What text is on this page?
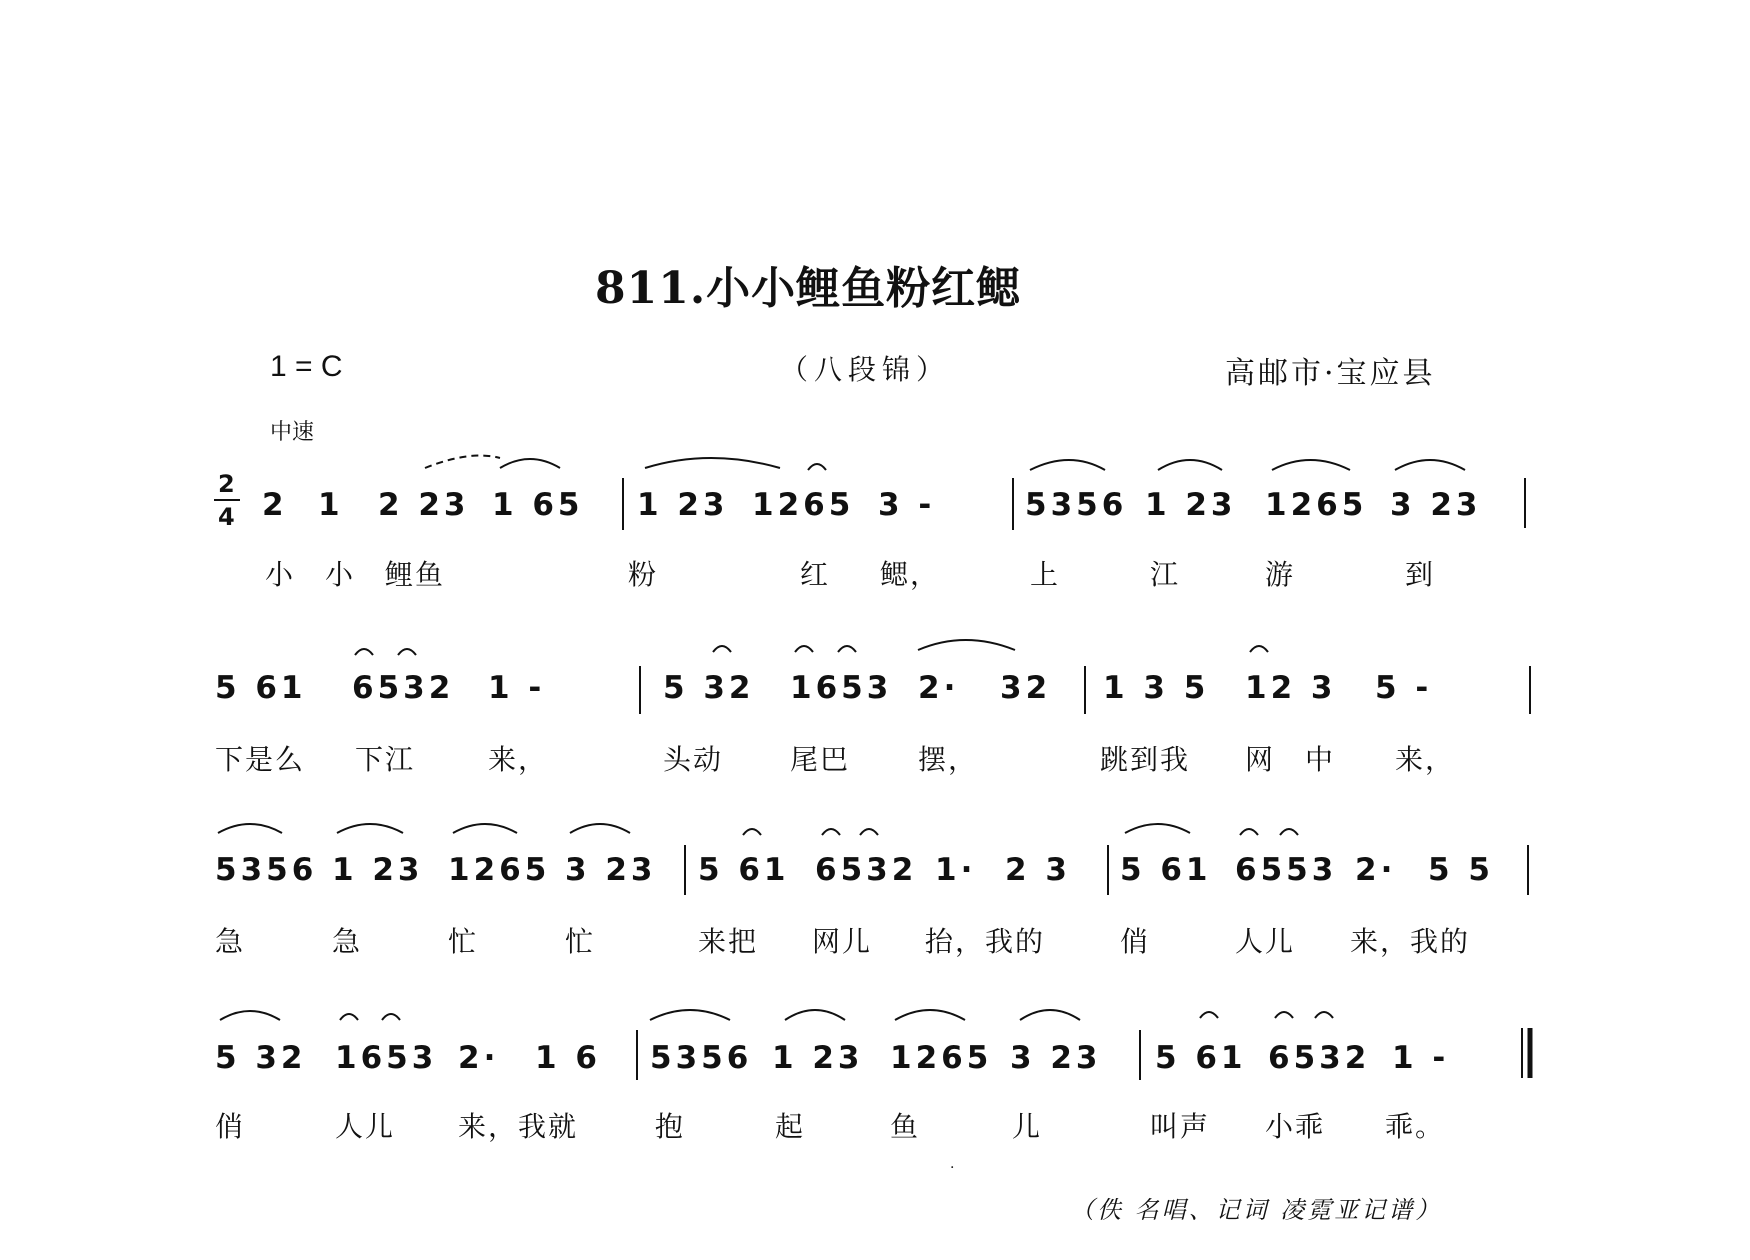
811.小小鲤鱼粉红鳃
1 = C	（八段锦）	高邮市·宝应县
中速
2
4 2 1 2 23 1 65 1 23 1265 3 -	5356 1 23 1265 3 23
小 小 鲤鱼	粉	红 鳃，	上	江	游	到
5 61 6532 1 -	5 32 1653 2· 32 1 3 5 12 3 5 -
下是么 下江	来，	头动 尾巴 摆，	跳到我 网 中 来，
5356 1 23 1265 3 23 5 61 6532 1· 2 3 5 61 6553 2· 5 5
急	急	忙	忙	来把 网儿 抬，我的	俏	人儿 来，我的
5 32 1653 2· 1 6 5356 1 23 1265 3 23 5 61 6532 1 -
俏	人儿 来，我就	抱	起	鱼	儿	叫声 小乖 乖。
·
（佚 名唱、记词 凌霓亚记谱）
